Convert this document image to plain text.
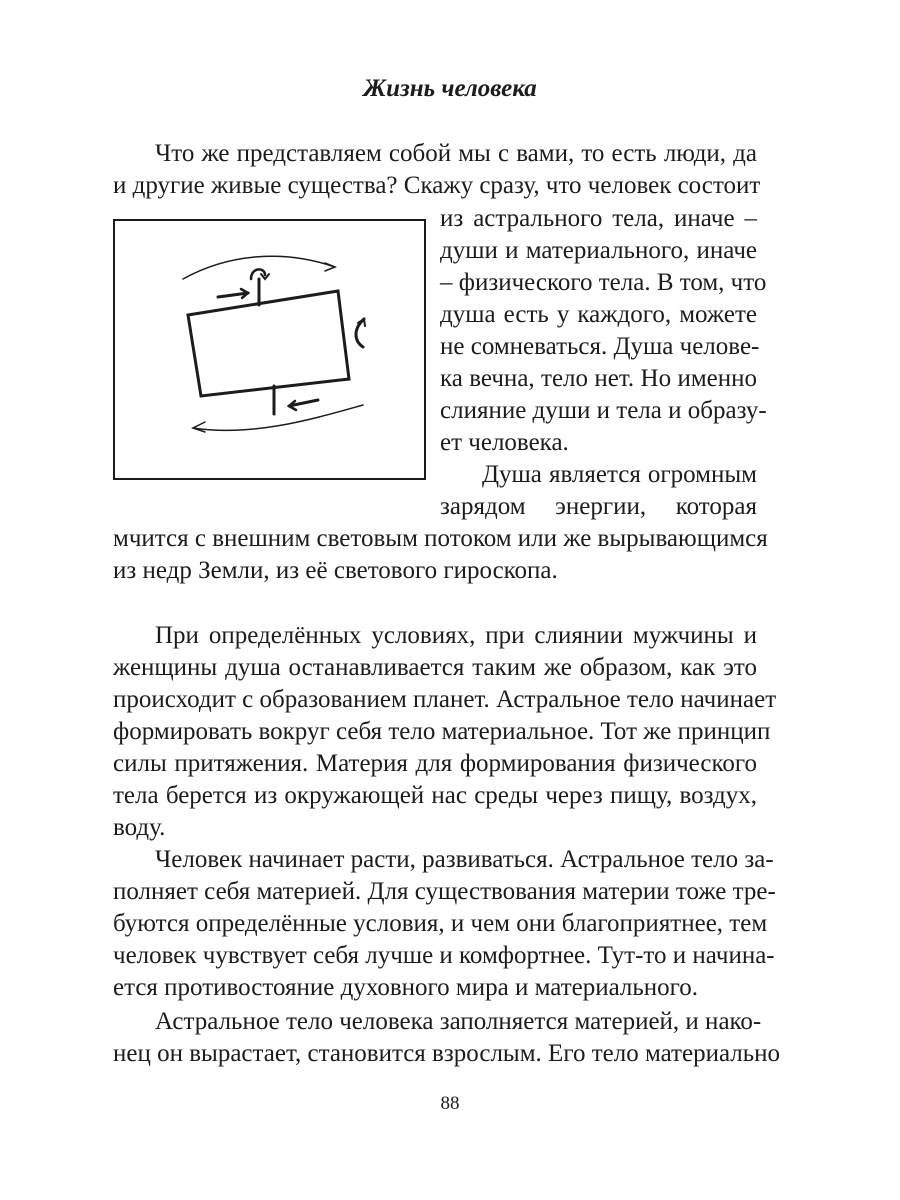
Жизнь человека
Что же представляем собой мы с вами, то есть люди, да
и другие живые существа? Скажу сразу, что человек состоит
из астрального тела, иначе –
души и материального, иначе
– физического тела. В том, что
душа есть у каждого, можете
не сомневаться. Душа челове-
ка вечна, тело нет. Но именно
слияние души и тела и образу-
ет человека.
Душа является огромным
зарядом энергии, которая
мчится с внешним световым потоком или же вырывающимся
из недр Земли, из её светового гироскопа.
При определённых условиях, при слиянии мужчины и
женщины душа останавливается таким же образом, как это
происходит с образованием планет. Астральное тело начинает
формировать вокруг себя тело материальное. Тот же принцип
силы притяжения. Материя для формирования физического
тела берется из окружающей нас среды через пищу, воздух,
воду.
Человек начинает расти, развиваться. Астральное тело за-
полняет себя материей. Для существования материи тоже тре-
буются определённые условия, и чем они благоприятнее, тем
человек чувствует себя лучше и комфортнее. Тут-то и начина-
ется противостояние духовного мира и материального.
Астральное тело человека заполняется материей, и нако-
нец он вырастает, становится взрослым. Его тело материально
88
